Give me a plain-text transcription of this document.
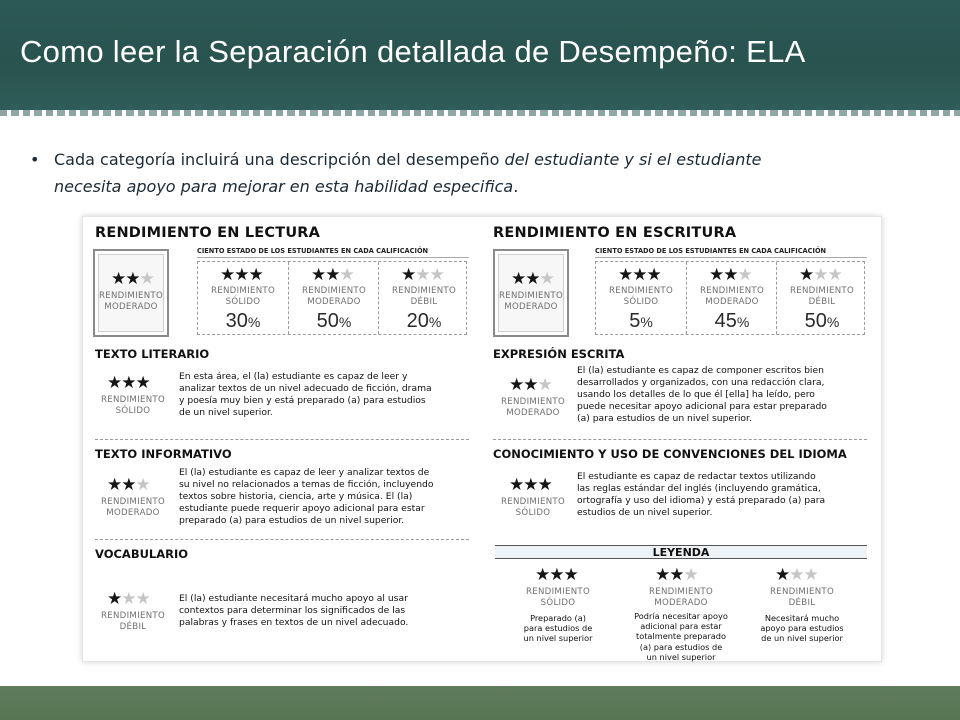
Como leer la Separación detallada de Desempeño: ELA
• Cada categoría incluirá una descripción del desempeño del estudiante y si el estudiante
necesita apoyo para mejorar en esta habilidad especifica.
RENDIMIENTO EN LECTURA
CIENTO ESTADO DE LOS ESTUDIANTES EN CADA CALIFICACIÓN
★★★
RENDIMIENTO
MODERADO
★★★
RENDIMIENTO
SÓLIDO
30%
★★★
RENDIMIENTO
MODERADO
50%
★★★
RENDIMIENTO
DÉBIL
20%
TEXTO LITERARIO
★★★
RENDIMIENTO
SÓLIDO
En esta área, el (la) estudiante es capaz de leer y
analizar textos de un nivel adecuado de ficción, drama
y poesía muy bien y está preparado (a) para estudios
de un nivel superior.
TEXTO INFORMATIVO
★★★
RENDIMIENTO
MODERADO
El (la) estudiante es capaz de leer y analizar textos de
su nivel no relacionados a temas de ficción, incluyendo
textos sobre historia, ciencia, arte y música. El (la)
estudiante puede requerir apoyo adicional para estar
preparado (a) para estudios de un nivel superior.
VOCABULARIO
★★★
RENDIMIENTO
DÉBIL
El (la) estudiante necesitará mucho apoyo al usar
contextos para determinar los significados de las
palabras y frases en textos de un nivel adecuado.
RENDIMIENTO EN ESCRITURA
CIENTO ESTADO DE LOS ESTUDIANTES EN CADA CALIFICACIÓN
★★★
RENDIMIENTO
MODERADO
★★★
RENDIMIENTO
SÓLIDO
5%
★★★
RENDIMIENTO
MODERADO
45%
★★★
RENDIMIENTO
DÉBIL
50%
EXPRESIÓN ESCRITA
★★★
RENDIMIENTO
MODERADO
El (la) estudiante es capaz de componer escritos bien
desarrollados y organizados, con una redacción clara,
usando los detalles de lo que él [ella] ha leído, pero
puede necesitar apoyo adicional para estar preparado
(a) para estudios de un nivel superior.
CONOCIMIENTO Y USO DE CONVENCIONES DEL IDIOMA
★★★
RENDIMIENTO
SÓLIDO
El estudiante es capaz de redactar textos utilizando
las reglas estándar del inglés (incluyendo gramática,
ortografía y uso del idioma) y está preparado (a) para
estudios de un nivel superior.
LEYENDA
★★★
RENDIMIENTO
SÓLIDO
Preparado (a)
para estudios de
un nivel superior
★★★
RENDIMIENTO
MODERADO
Podría necesitar apoyo
adicional para estar
totalmente preparado
(a) para estudios de
un nivel superior
★★★
RENDIMIENTO
DÉBIL
Necesitará mucho
apoyo para estudios
de un nivel superior
